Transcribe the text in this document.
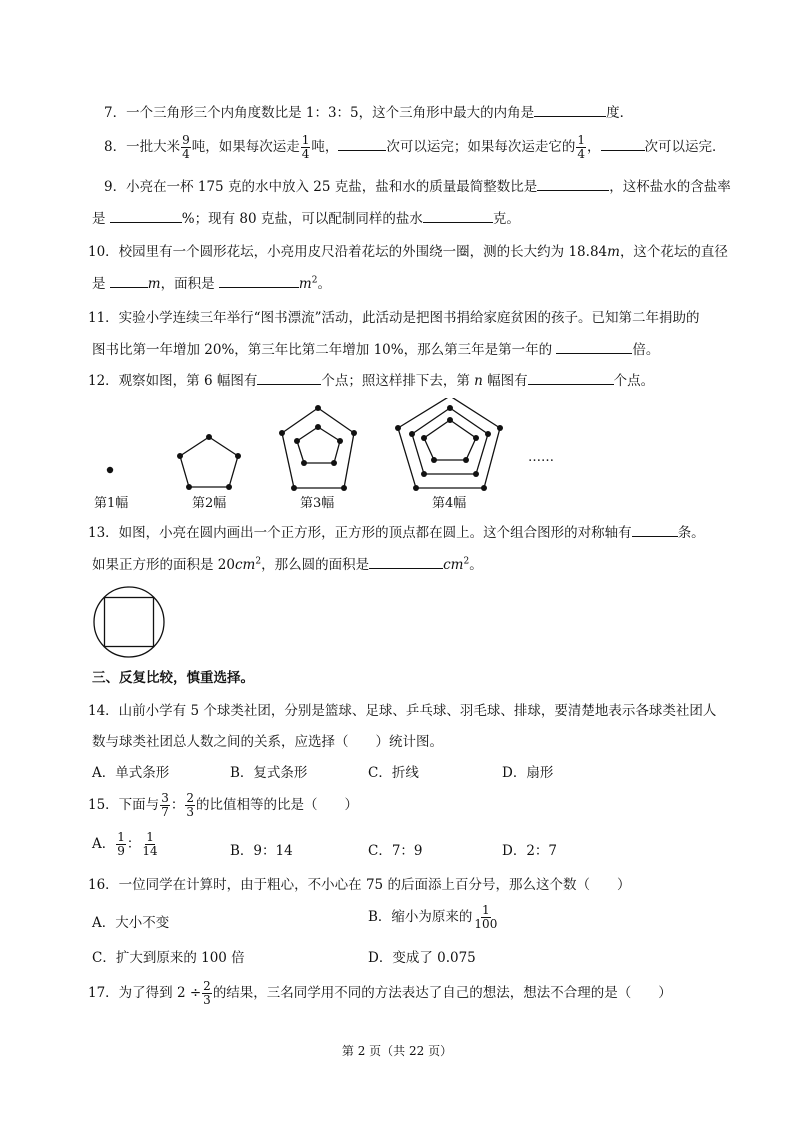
7．一个三角形三个内角度数比是 1：3：5，这个三角形中最大的内角是	度．
8．一批大米 $\frac{9}{4}$ 吨，如果每次运走 $\frac{1}{4}$ 吨，	次可以运完；如果每次运走它的 $\frac{1}{4}$ ，	次可以运完．
9．小亮在一杯 175 克的水中放入 25 克盐，盐和水的质量最简整数比是	，这杯盐水的含盐率
是	%；现有 80 克盐，可以配制同样的盐水	克。
10．校园里有一个圆形花坛，小亮用皮尺沿着花坛的外围绕一圈，测的长大约为 18.84m，这个花坛的直径
是	m，面积是	$m^2$。
11．实验小学连续三年举行“图书漂流”活动，此活动是把图书捐给家庭贫困的孩子。已知第二年捐助的
图书比第一年增加 20%，第三年比第二年增加 10%，那么第三年是第一年的	倍。
12．观察如图，第 6 幅图有	个点；照这样排下去，第 n 幅图有	个点。
……
第1幅	第2幅	第3幅	第4幅
13．如图，小亮在圆内画出一个正方形，正方形的顶点都在圆上。这个组合图形的对称轴有	条。
如果正方形的面积是 $20cm^2$，那么圆的面积是	$cm^2$。
三、反复比较，慎重选择。
14．山前小学有 5 个球类社团，分别是篮球、足球、乒乓球、羽毛球、排球，要清楚地表示各球类社团人
数与球类社团总人数之间的关系，应选择（　　）统计图。
A．单式条形	B．复式条形	C．折线	D．扇形
15．下面与 $\frac{3}{7}$ ： $\frac{2}{3}$ 的比值相等的比是（　　）
A． $\frac{1}{9}$ ： $\frac{1}{14}$	B．9：14	C．7：9	D．2：7
16．一位同学在计算时，由于粗心，不小心在 75 的后面添上百分号，那么这个数（　　）
A．大小不变	B．缩小为原来的 $\frac{1}{100}$
C．扩大到原来的 100 倍	D．变成了 0.075
17．为了得到 $2 \div \frac{2}{3}$ 的结果，三名同学用不同的方法表达了自己的想法，想法不合理的是（　　）
第 2 页（共 22 页）
